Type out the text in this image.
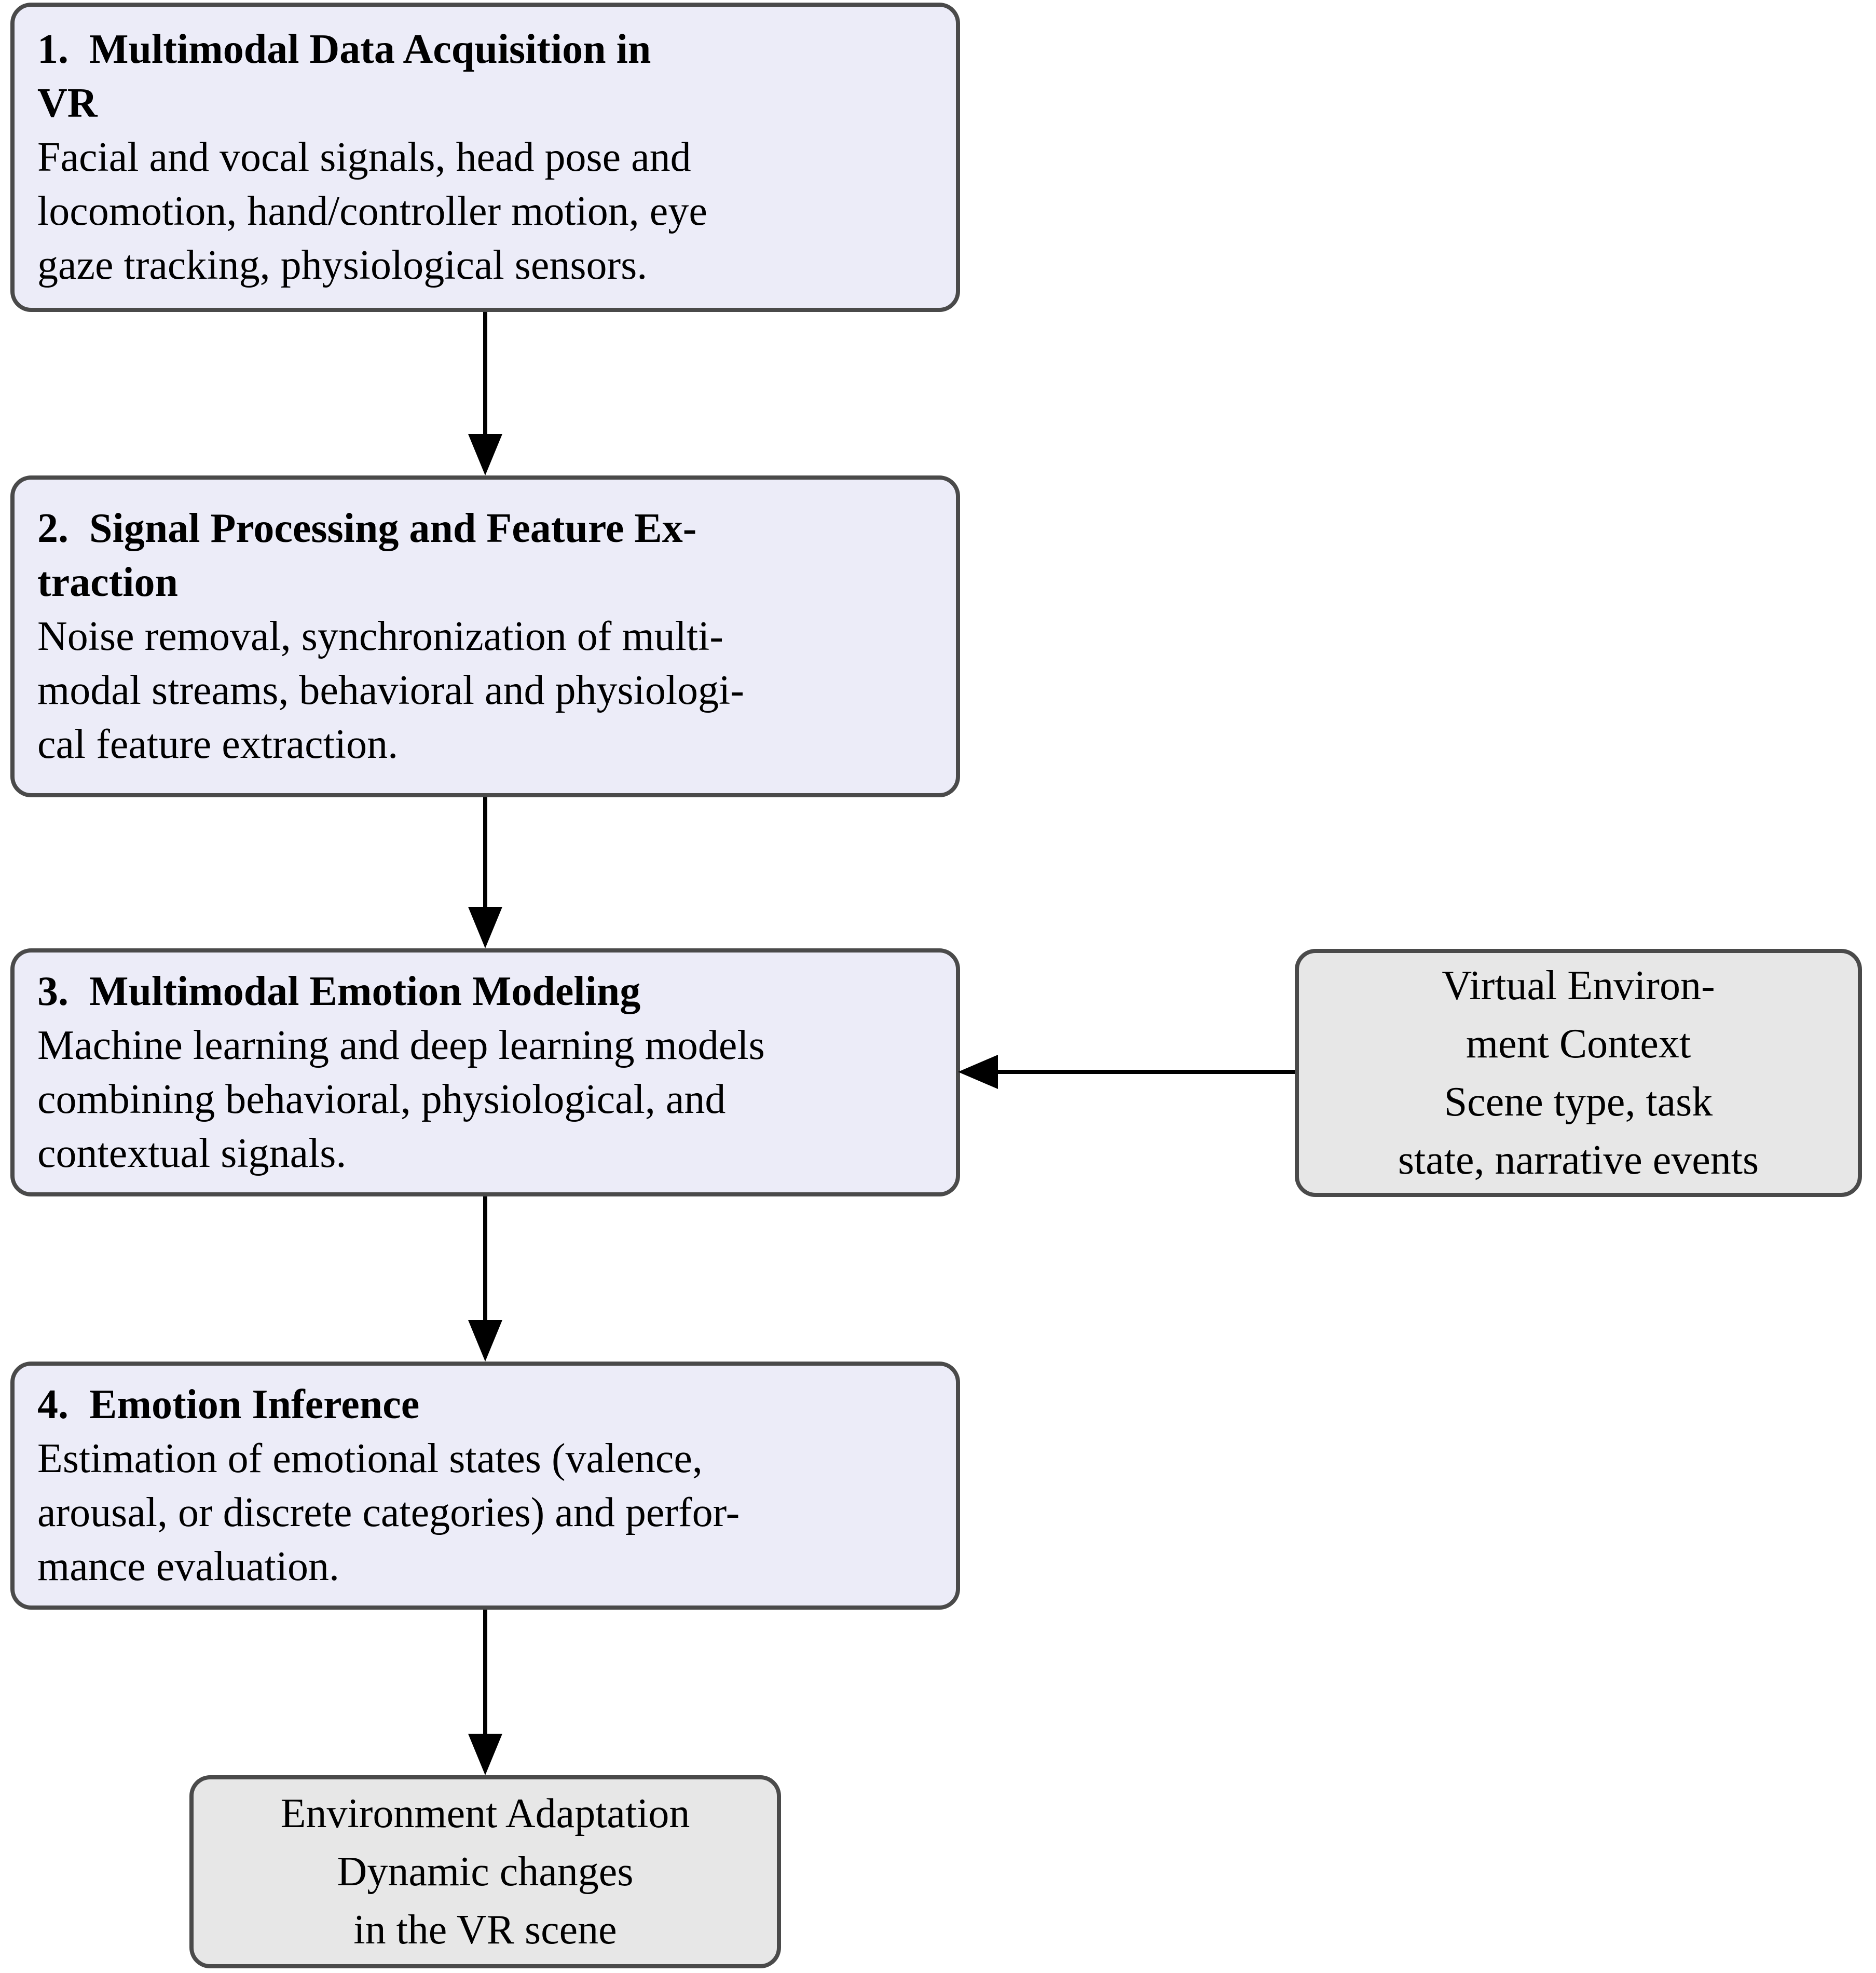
1.  Multimodal Data Acquisition in
VR
Facial and vocal signals, head pose and
locomotion, hand/controller motion, eye
gaze tracking, physiological sensors.
2.  Signal Processing and Feature Ex-
traction
Noise removal, synchronization of multi-
modal streams, behavioral and physiologi-
cal feature extraction.
3.  Multimodal Emotion Modeling
Machine learning and deep learning models
combining behavioral, physiological, and
contextual signals.
4.  Emotion Inference
Estimation of emotional states (valence,
arousal, or discrete categories) and perfor-
mance evaluation.
Virtual Environ-
ment Context
Scene type, task
state, narrative events
Environment Adaptation
Dynamic changes
in the VR scene
